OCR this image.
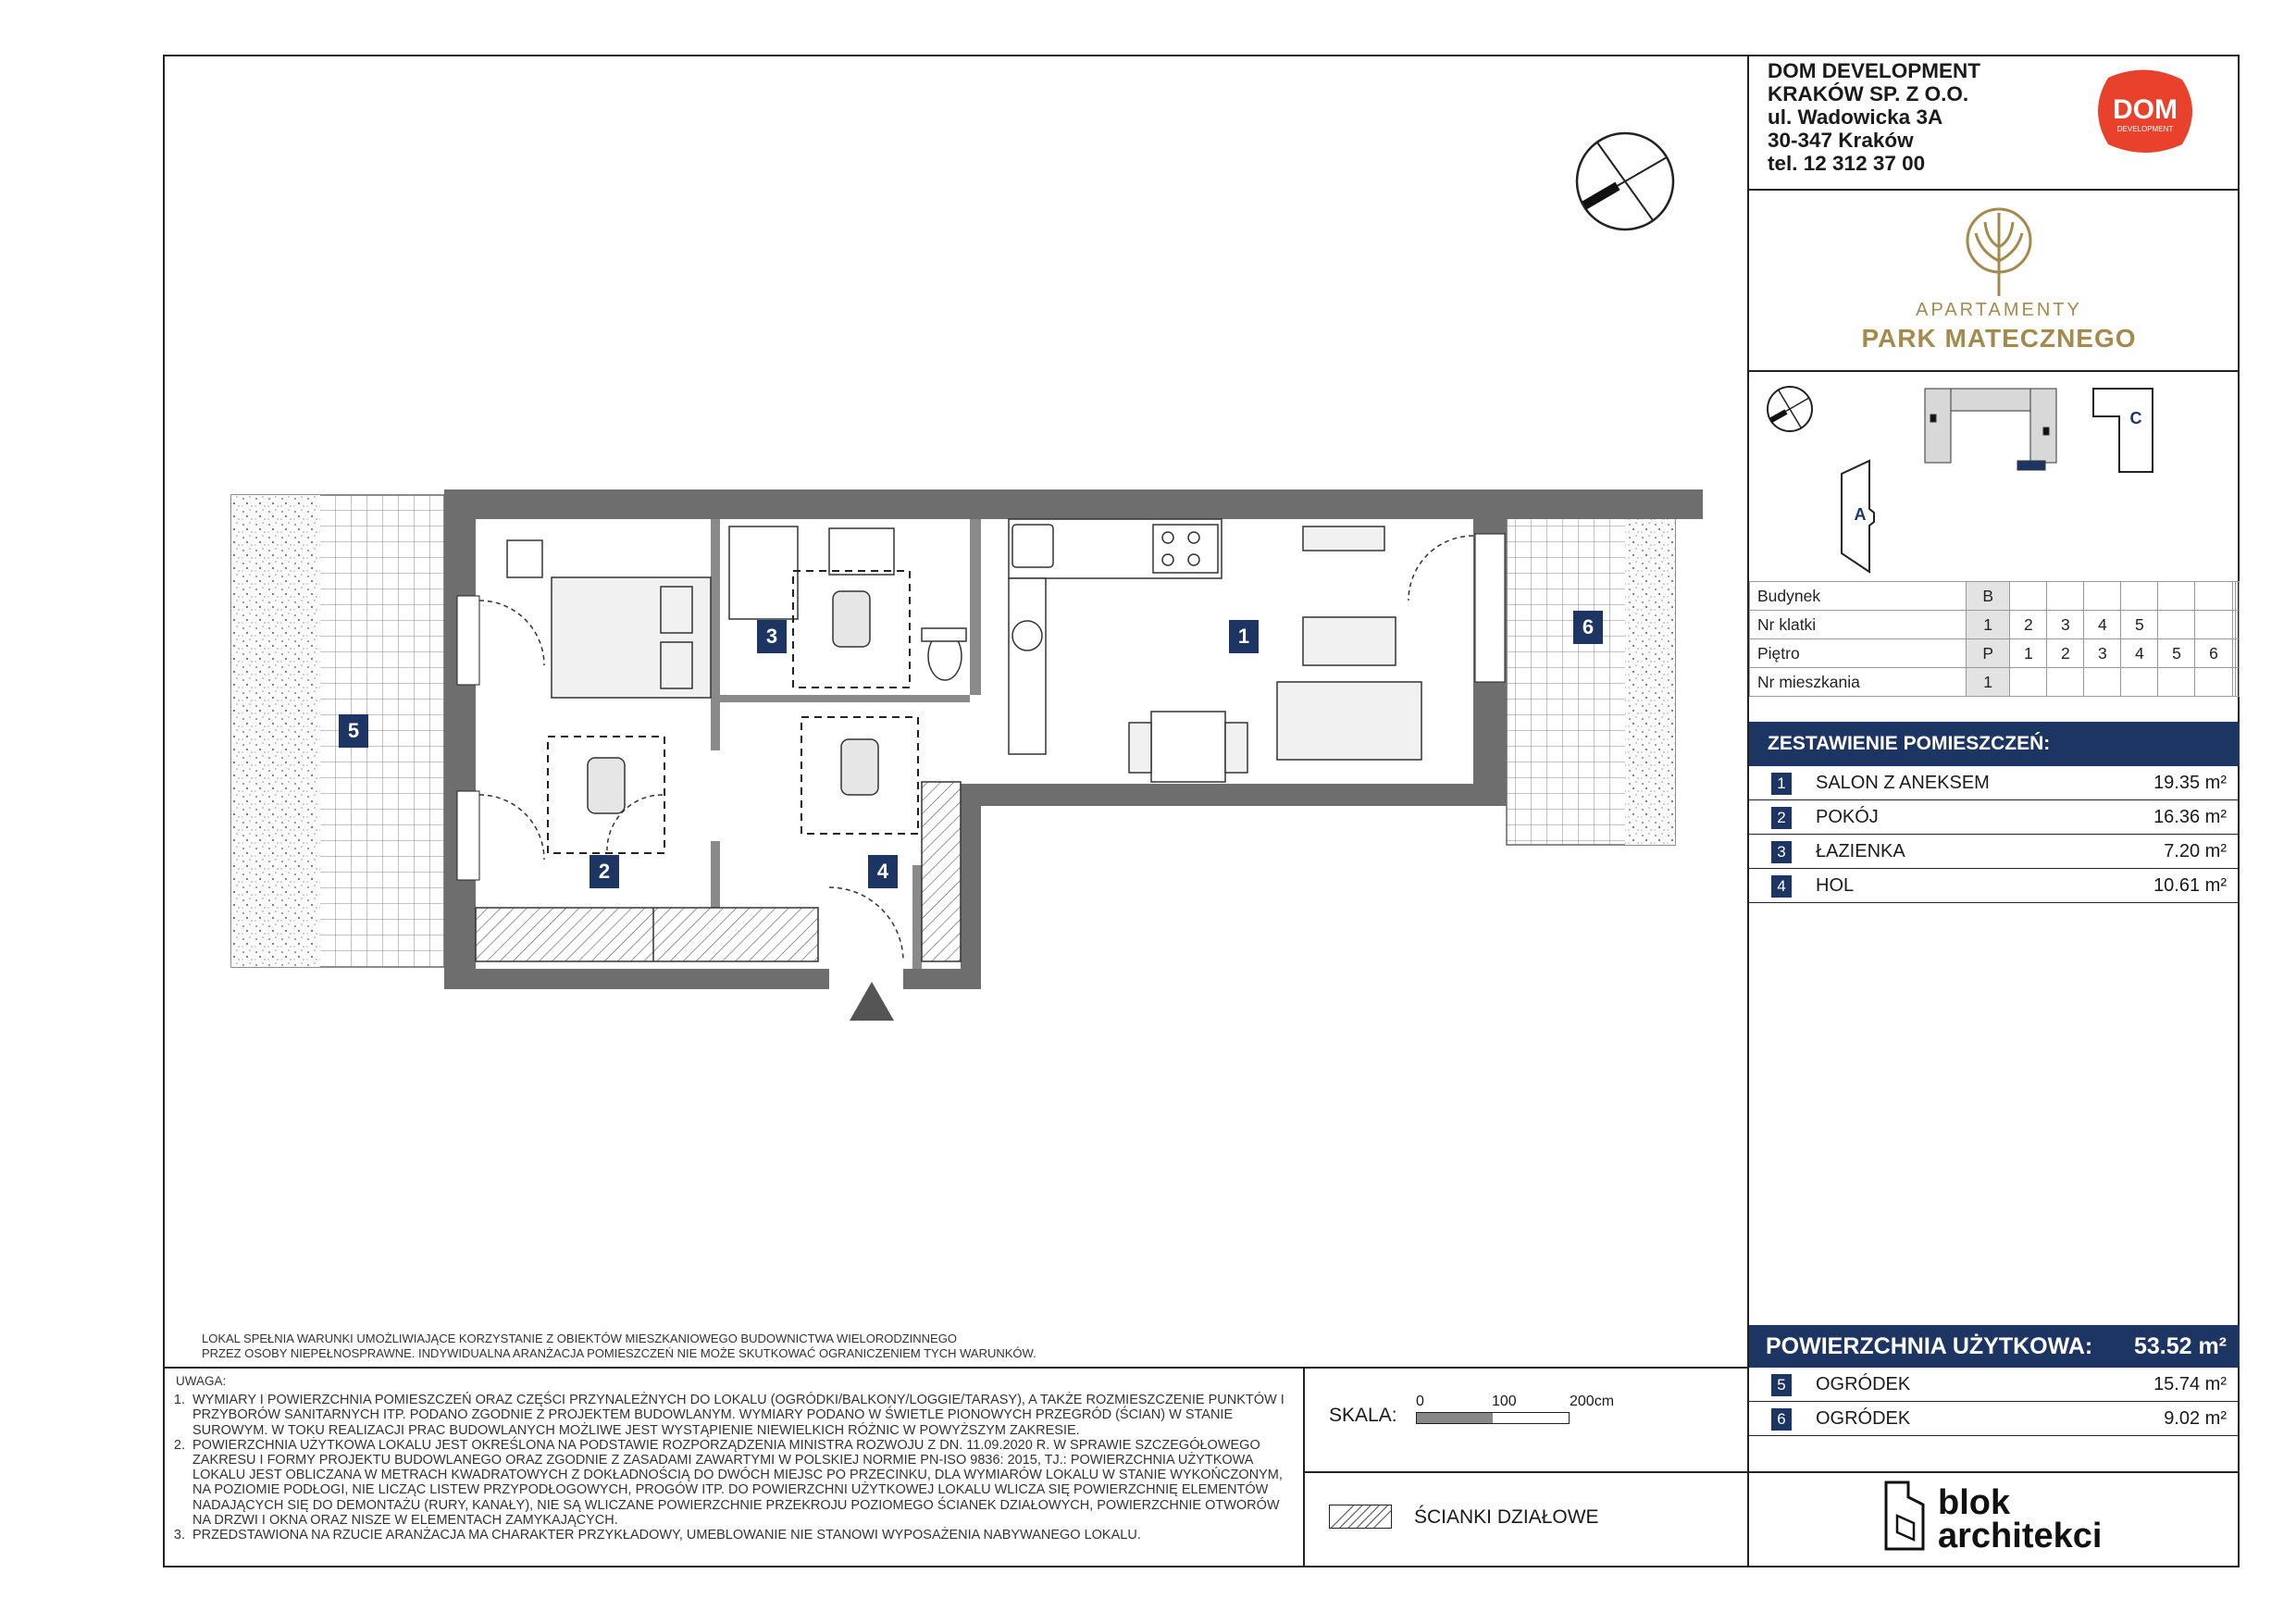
1
2
3
4
5
6
LOKAL SPEŁNIA WARUNKI UMOŻLIWIAJĄCE KORZYSTANIE Z OBIEKTÓW MIESZKANIOWEGO BUDOWNICTWA WIELORODZINNEGO
PRZEZ OSOBY NIEPEŁNOSPRAWNE. INDYWIDUALNA ARANŻACJA POMIESZCZEŃ NIE MOŻE SKUTKOWAĆ OGRANICZENIEM TYCH WARUNKÓW.
DOM DEVELOPMENT
KRAKÓW SP. Z O.O.
ul. Wadowicka 3A
30-347 Kraków
tel. 12 312 37 00
DOM
DEVELOPMENT
APARTAMENTY
PARK MATECZNEGO
A
C
Budynek	B								
Nr klatki	1	2	3	4	5				
Piętro	P	1	2	3	4	5	6		
Nr mieszkania	1								
ZESTAWIENIE POMIESZCZEŃ:
1	SALON Z ANEKSEM	19.35 m²
2	POKÓJ	16.36 m²
3	ŁAZIENKA	7.20 m²
4	HOL	10.61 m²
POWIERZCHNIA UŻYTKOWA: 53.52 m²
5	OGRÓDEK	15.74 m²
6	OGRÓDEK	9.02 m²
UWAGA:
1. WYMIARY I POWIERZCHNIA POMIESZCZEŃ ORAZ CZĘŚCI PRZYNALEŻNYCH DO LOKALU (OGRÓDKI/BALKONY/LOGGIE/TARASY), A TAKŻE ROZMIESZCZENIE PUNKTÓW I PRZYBORÓW SANITARNYCH ITP. PODANO ZGODNIE Z PROJEKTEM BUDOWLANYM. WYMIARY PODANO W ŚWIETLE PIONOWYCH PRZEGRÓD (ŚCIAN) W STANIE SUROWYM. W TOKU REALIZACJI PRAC BUDOWLANYCH MOŻLIWE JEST WYSTĄPIENIE NIEWIELKICH RÓŻNIC W POWYŻSZYM ZAKRESIE.
2. POWIERZCHNIA UŻYTKOWA LOKALU JEST OKREŚLONA NA PODSTAWIE ROZPORZĄDZENIA MINISTRA ROZWOJU Z DN. 11.09.2020 R. W SPRAWIE SZCZEGÓŁOWEGO ZAKRESU I FORMY PROJEKTU BUDOWLANEGO ORAZ ZGODNIE Z ZASADAMI ZAWARTYMI W POLSKIEJ NORMIE PN-ISO 9836: 2015, TJ.: POWIERZCHNIA UŻYTKOWA LOKALU JEST OBLICZANA W METRACH KWADRATOWYCH Z DOKŁADNOŚCIĄ DO DWÓCH MIEJSC PO PRZECINKU, DLA WYMIARÓW LOKALU W STANIE WYKOŃCZONYM, NA POZIOMIE PODŁOGI, NIE LICZĄC LISTEW PRZYPODŁOGOWYCH, PROGÓW ITP. DO POWIERZCHNI UŻYTKOWEJ LOKALU WLICZA SIĘ POWIERZCHNIĘ ELEMENTÓW NADAJĄCYCH SIĘ DO DEMONTAŻU (RURY, KANAŁY), NIE SĄ WLICZANE POWIERZCHNIE PRZEKROJU POZIOMEGO ŚCIANEK DZIAŁOWYCH, POWIERZCHNIE OTWORÓW NA DRZWI I OKNA ORAZ NISZE W ELEMENTACH ZAMYKAJĄCYCH.
3. PRZEDSTAWIONA NA RZUCIE ARANŻACJA MA CHARAKTER PRZYKŁADOWY, UMEBLOWANIE NIE STANOWI WYPOSAŻENIA NABYWANEGO LOKALU.
SKALA:
0	100	200cm
ŚCIANKI DZIAŁOWE	blok
architekci
